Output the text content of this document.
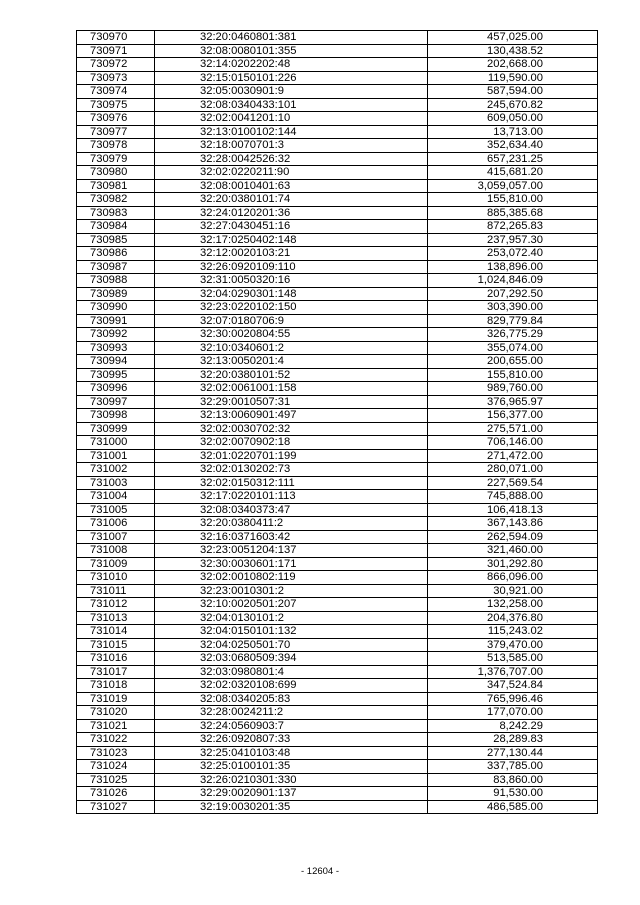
730970	32:20:0460801:381	457,025.00
730971	32:08:0080101:355	130,438.52
730972	32:14:0202202:48	202,668.00
730973	32:15:0150101:226	119,590.00
730974	32:05:0030901:9	587,594.00
730975	32:08:0340433:101	245,670.82
730976	32:02:0041201:10	609,050.00
730977	32:13:0100102:144	13,713.00
730978	32:18:0070701:3	352,634.40
730979	32:28:0042526:32	657,231.25
730980	32:02:0220211:90	415,681.20
730981	32:08:0010401:63	3,059,057.00
730982	32:20:0380101:74	155,810.00
730983	32:24:0120201:36	885,385.68
730984	32:27:0430451:16	872,265.83
730985	32:17:0250402:148	237,957.30
730986	32:12:0020103:21	253,072.40
730987	32:26:0920109:110	138,896.00
730988	32:31:0050320:16	1,024,846.09
730989	32:04:0290301:148	207,292.50
730990	32:23:0220102:150	303,390.00
730991	32:07:0180706:9	829,779.84
730992	32:30:0020804:55	326,775.29
730993	32:10:0340601:2	355,074.00
730994	32:13:0050201:4	200,655.00
730995	32:20:0380101:52	155,810.00
730996	32:02:0061001:158	989,760.00
730997	32:29:0010507:31	376,965.97
730998	32:13:0060901:497	156,377.00
730999	32:02:0030702:32	275,571.00
731000	32:02:0070902:18	706,146.00
731001	32:01:0220701:199	271,472.00
731002	32:02:0130202:73	280,071.00
731003	32:02:0150312:111	227,569.54
731004	32:17:0220101:113	745,888.00
731005	32:08:0340373:47	106,418.13
731006	32:20:0380411:2	367,143.86
731007	32:16:0371603:42	262,594.09
731008	32:23:0051204:137	321,460.00
731009	32:30:0030601:171	301,292.80
731010	32:02:0010802:119	866,096.00
731011	32:23:0010301:2	30,921.00
731012	32:10:0020501:207	132,258.00
731013	32:04:0130101:2	204,376.80
731014	32:04:0150101:132	115,243.02
731015	32:04:0250501:70	379,470.00
731016	32:03:0680509:394	513,585.00
731017	32:03:0980801:4	1,376,707.00
731018	32:02:0320108:699	347,524.84
731019	32:08:0340205:83	765,996.46
731020	32:28:0024211:2	177,070.00
731021	32:24:0560903:7	8,242.29
731022	32:26:0920807:33	28,289.83
731023	32:25:0410103:48	277,130.44
731024	32:25:0100101:35	337,785.00
731025	32:26:0210301:330	83,860.00
731026	32:29:0020901:137	91,530.00
731027	32:19:0030201:35	486,585.00
- 12604 -
